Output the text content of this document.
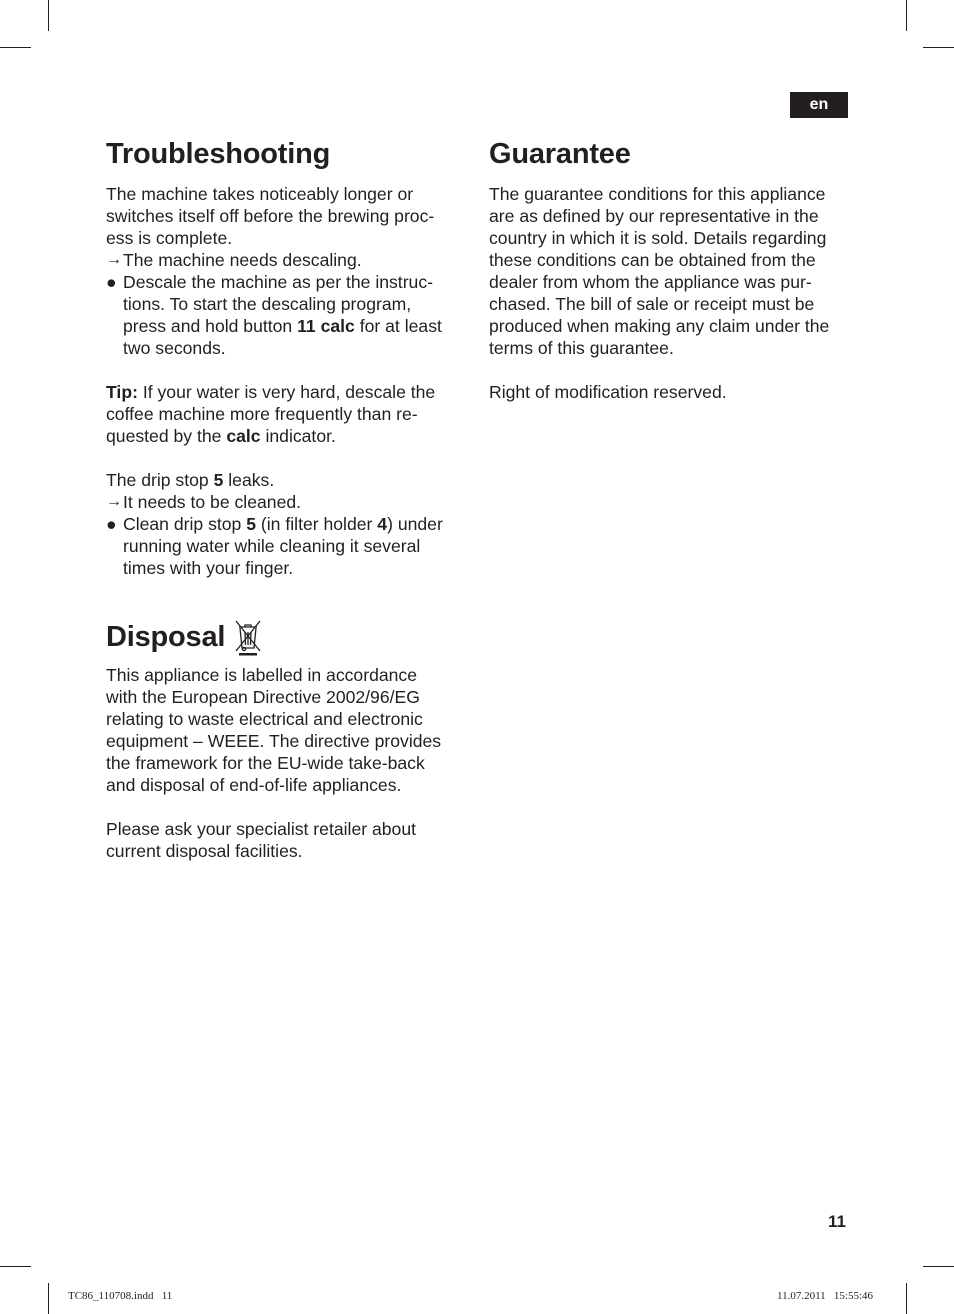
en
Troubleshooting

The machine takes noticeably longer or

switches itself off before the brewing proc-

ess is complete.

→ The machine needs descaling.
● Descale the machine as per the instruc-
tions. To start the descaling program,
press and hold button 11 calc for at least
two seconds.

Tip: If your water is very hard, descale the

coffee machine more frequently than re-

quested by the calc indicator.

The drip stop 5 leaks.

→ It needs to be cleaned.
● Clean drip stop 5 (in filter holder 4) under
running water while cleaning it several
times with your finger.
Disposal

This appliance is labelled in accordance

with the European Directive 2002/96/EG

relating to waste electrical and electronic

equipment – WEEE. The directive provides

the framework for the EU-wide take-back

and disposal of end-of-life appliances.

Please ask your specialist retailer about

current disposal facilities.

Guarantee

The guarantee conditions for this appliance

are as defined by our representative in the

country in which it is sold. Details regarding

these conditions can be obtained from the

dealer from whom the appliance was pur-

chased. The bill of sale or receipt must be

produced when making any claim under the

terms of this guarantee.

Right of modification reserved.

11
TC86_110708.indd   11	11.07.2011   15:55:46
